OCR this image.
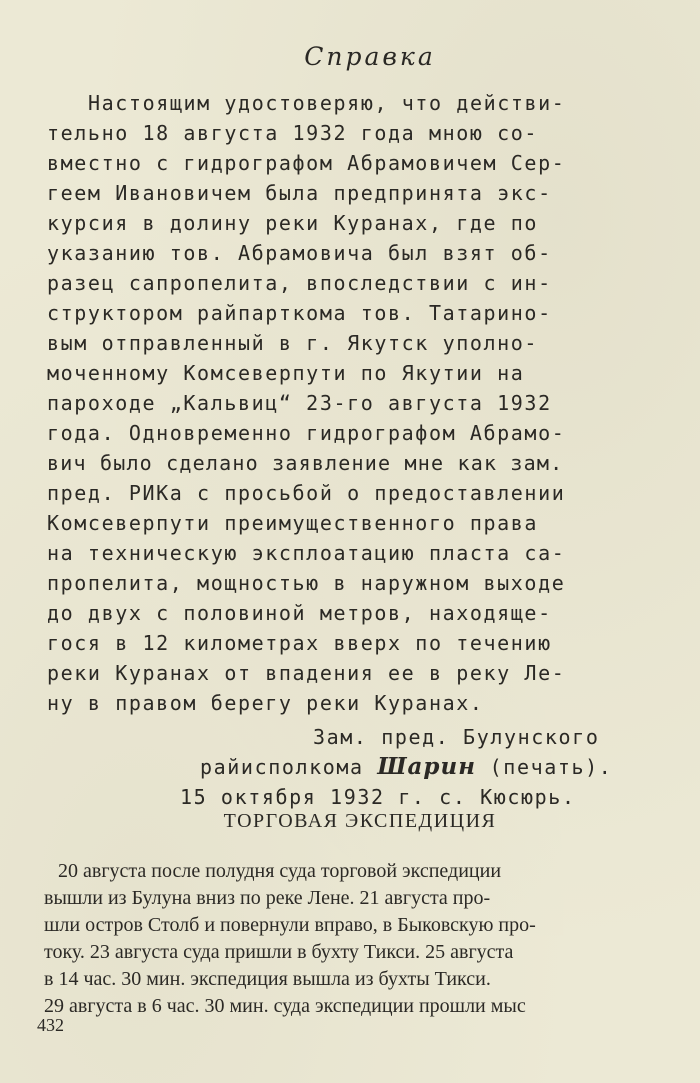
Справка
Настоящим удостоверяю, что действи-
тельно 18 августа 1932 года мною со-
вместно с гидрографом Абрамовичем Сер-
геем Ивановичем была предпринята экс-
курсия в долину реки Куранах, где по
указанию тов. Абрамовича был взят об-
разец сапропелита, впоследствии с ин-
структором райпарткома тов. Татарино-
вым отправленный в г. Якутск уполно-
моченному Комсеверпути по Якутии на
пароходе „Кальвиц“ 23-го августа 1932
года. Одновременно гидрографом Абрамо-
вич было сделано заявление мне как зам.
пред. РИКа с просьбой о предоставлении
Комсеверпути преимущественного права
на техническую эксплоатацию пласта са-
пропелита, мощностью в наружном выходе
до двух с половиной метров, находяще-
гося в 12 километрах вверх по течению
реки Куранах от впадения ее в реку Ле-
ну в правом берегу реки Куранах.
Зам. пред. Булунского
райисполкома Шарин (печать).
15 октября 1932 г. с. Кюсюрь.
ТОРГОВАЯ ЭКСПЕДИЦИЯ
20 августа после полудня суда торговой экспедиции
вышли из Булуна вниз по реке Лене. 21 августа про-
шли остров Столб и повернули вправо, в Быковскую про-
току. 23 августа суда пришли в бухту Тикси. 25 августа
в 14 час. 30 мин. экспедиция вышла из бухты Тикси.
29 августа в 6 час. 30 мин. суда экспедиции прошли мыс
432
